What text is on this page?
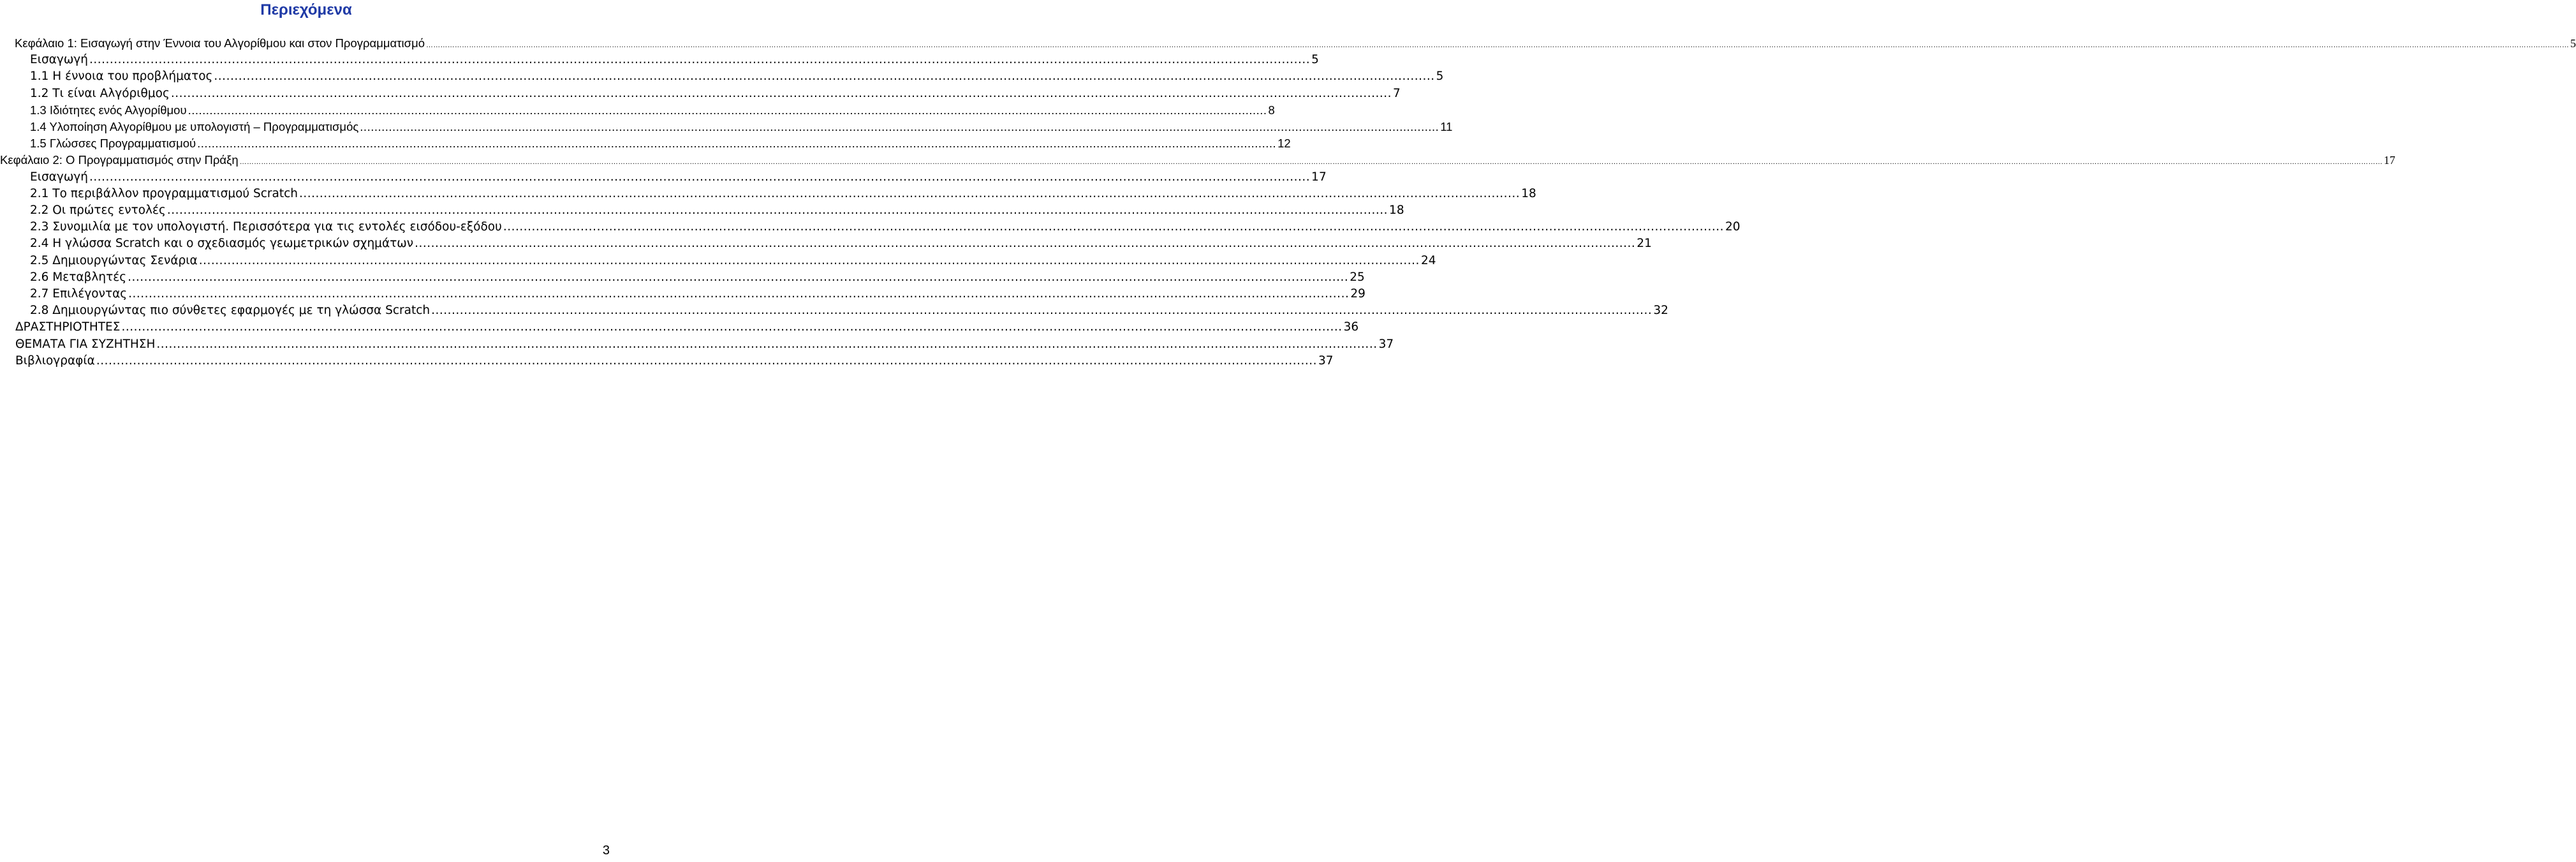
Περιεχόμενα
Κεφάλαιο 1: Εισαγωγή στην Έννοια του Αλγορίθμου και στον Προγραμματισμό ……………………………………………………………………………………………………………………………………………………………………………………………………………………………………………………………………………………………………………………………………………………………………………………………………………………………………………………………………………………………………………………………………………………………………………………………………………………………………………………………………………………………………………………………………………………………………………………………………………………………… 5
Εισαγωγή ............................................................................................................................................................................................................................................................................................................ 5
1.1 Η έννοια του προβλήματος ............................................................................................................................................................................................................................................................................................................ 5
1.2 Τι είναι Αλγόριθμος ............................................................................................................................................................................................................................................................................................................ 7
1.3 Ιδιότητες ενός Αλγορίθμου ............................................................................................................................................................................................................................................................................................................ 8
1.4 Υλοποίηση Αλγορίθμου με υπολογιστή – Προγραμματισμός ............................................................................................................................................................................................................................................................................................................ 11
1.5 Γλώσσες Προγραμματισμού ............................................................................................................................................................................................................................................................................................................ 12
Κεφάλαιο 2: Ο Προγραμματισμός στην Πράξη ……………………………………………………………………………………………………………………………………………………………………………………………………………………………………………………………………………………………………………………………………………………………………………………………………………………………………………………………………………………………………………………………………………………………………………………………………………………………………………………………………………………………………………………………………………………………………………………………………………………………… 17
Εισαγωγή ............................................................................................................................................................................................................................................................................................................ 17
2.1 Το περιβάλλον προγραμματισμού Scratch ............................................................................................................................................................................................................................................................................................................ 18
2.2 Οι πρώτες εντολές ............................................................................................................................................................................................................................................................................................................ 18
2.3 Συνομιλία με τον υπολογιστή. Περισσότερα για τις εντολές εισόδου-εξόδου ............................................................................................................................................................................................................................................................................................................ 20
2.4 Η γλώσσα Scratch και ο σχεδιασμός γεωμετρικών σχημάτων ............................................................................................................................................................................................................................................................................................................ 21
2.5 Δημιουργώντας Σενάρια ............................................................................................................................................................................................................................................................................................................ 24
2.6 Μεταβλητές ............................................................................................................................................................................................................................................................................................................ 25
2.7 Επιλέγοντας ............................................................................................................................................................................................................................................................................................................ 29
2.8 Δημιουργώντας πιο σύνθετες εφαρμογές με τη γλώσσα Scratch ............................................................................................................................................................................................................................................................................................................ 32
ΔΡΑΣΤΗΡΙΟΤΗΤΕΣ ............................................................................................................................................................................................................................................................................................................ 36
ΘΕΜΑΤΑ ΓΙΑ ΣΥΖΗΤΗΣΗ ............................................................................................................................................................................................................................................................................................................ 37
Βιβλιογραφία ............................................................................................................................................................................................................................................................................................................ 37
3
